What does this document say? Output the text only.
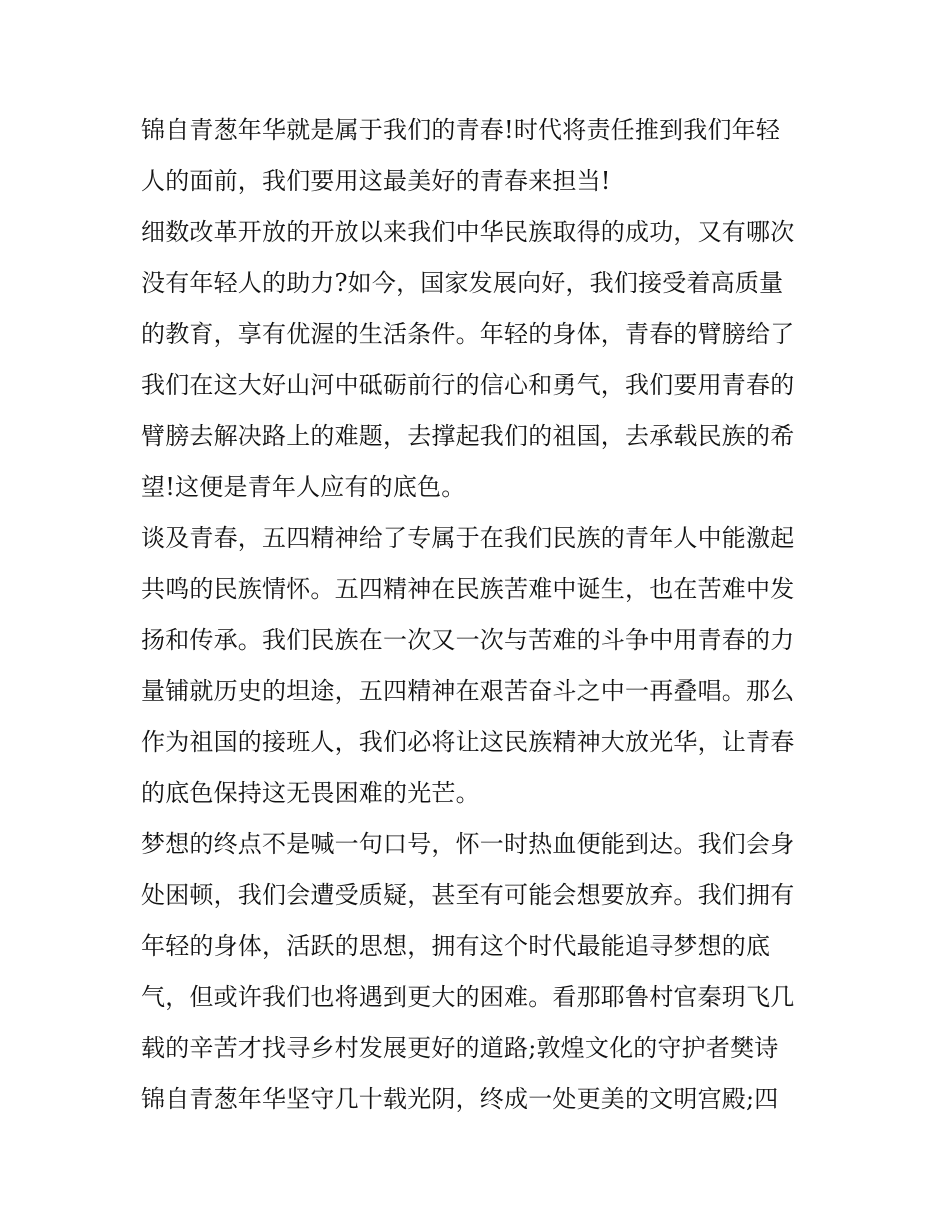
锦自青葱年华就是属于我们的青春!时代将责任推到我们年轻
人的面前，我们要用这最美好的青春来担当!
细数改革开放的开放以来我们中华民族取得的成功，又有哪次
没有年轻人的助力?如今，国家发展向好，我们接受着高质量
的教育，享有优渥的生活条件。年轻的身体，青春的臂膀给了
我们在这大好山河中砥砺前行的信心和勇气，我们要用青春的
臂膀去解决路上的难题，去撑起我们的祖国，去承载民族的希
望!这便是青年人应有的底色。
谈及青春，五四精神给了专属于在我们民族的青年人中能激起
共鸣的民族情怀。五四精神在民族苦难中诞生，也在苦难中发
扬和传承。我们民族在一次又一次与苦难的斗争中用青春的力
量铺就历史的坦途，五四精神在艰苦奋斗之中一再叠唱。那么
作为祖国的接班人，我们必将让这民族精神大放光华，让青春
的底色保持这无畏困难的光芒。
梦想的终点不是喊一句口号，怀一时热血便能到达。我们会身
处困顿，我们会遭受质疑，甚至有可能会想要放弃。我们拥有
年轻的身体，活跃的思想，拥有这个时代最能追寻梦想的底
气，但或许我们也将遇到更大的困难。看那耶鲁村官秦玥飞几
载的辛苦才找寻乡村发展更好的道路;敦煌文化的守护者樊诗
锦自青葱年华坚守几十载光阴，终成一处更美的文明宫殿;四
